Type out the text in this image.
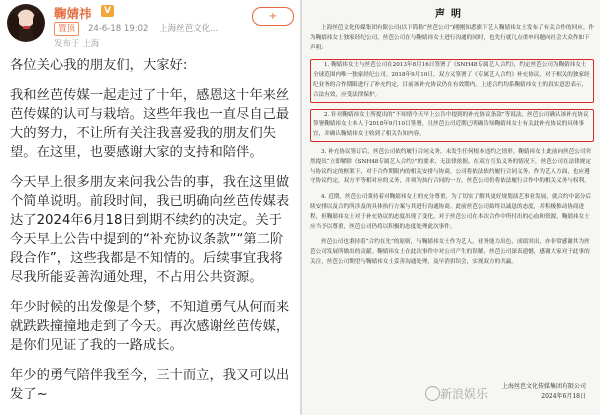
鞠婧祎	V
置顶	24-6-18 19:02 上海丝芭文化...
发布于 上海
+

各位关心我的朋友们，大家好:

我和丝芭传媒一起走过了十年，感恩这十年来丝芭传媒的认可与栽培。这些年我也一直尽自己最大的努力，不让所有关注我喜爱我的朋友们失望。在这里，也要感谢大家的支持和陪伴。

今天早上很多朋友来问我公告的事，我在这里做个简单说明。前段时间，我已明确向丝芭传媒表达了2024年6月18日到期不续约的决定。关于今天早上公告中提到的“补充协议条款”“第二阶段合作”，这些我都是不知情的。后续事宜我将尽我所能妥善沟通处理，不占用公共资源。

年少时候的出发像是个梦，不知道勇气从何而来就跌跌撞撞地走到了今天。再次感谢丝芭传媒，是你们见证了我的一路成长。

年少的勇气陪伴我至今，三十而立，我又可以出发了~

声明

上海丝芭文化传媒集团有限公司(以下简称“丝芭公司”)刚刚知悉旗下艺人鞠婧祎女士发布了有关合作的回应。作为鞠婧祎女士独家经纪公司，丝芭公司在与鞠婧祎女士进行沟通的同时，也先行就几点重申问题向社会大众作如下声明:

1. 鞠婧祎女士与丝芭公司在2013年8月16日签署了《SNH48专属艺人合约》，约定丝芭公司为鞠婧祎女士全球范围内唯一独家经纪公司。2018年9月10日，双方又签署了《专属艺人合约》补充协议，对于相关的独家经纪业务的合作期限进行了补充约定，目前该补充协议仍在有效期内。上述合约均系鞠婧祎女士的真实意思表示，合法有效，应受法律保护。

2. 针对鞠婧祎女士所提出的“不知情今天早上公告中提到的补充协议条款”等说法，丝芭公司确认该补充协议签署鞠婧祎女士本人于2018年9月10日签署，且丝芭公司近期已明确告知鞠婧祎女士有关此补充协议的具体事宜，并确认鞠婧祎女士收到了相关告知内容。

3. 补充协议签订后，丝芭公司依约履行合同义务，未发生任何根本违约之情形。鞠婧祎女士此前向丝芭公司突然提出“立即解除《SNH48专属艺人合约》”的要求，无法律依据。在双方互负义务的情况下，丝芭公司在法律规定与协议约定的框架下，对于合作期限内的相关安排与协商，公司将依法依约履行合同义务。作为艺人方面，也应遵守协议约定，双方平等相对应的义务，并须为执行合同的一方，丝芭公司仍将依法履行合作中的相关义务与权利。

4. 近期，丝芭公司秉持着对鞠婧祎女士的充分尊重，为了切实了解其更好规划演艺事业发展，就合约中部分后续安排以及合约所涉及的具体执行方案与其进行沟通协商。此前丝芭公司始终以诚恳的态度，并积极推动协商进程，但鞠婧祎女士对于补充协议的态度出现了变化。对于丝芭公司在本次合作中所付出的心血和资源，鞠婧祎女士应当予以尊重，丝芭公司仍将以积极的态度处理此次事件。

丝芭公司也秉持着“合约在先”的原则，与鞠婧祎女士作为艺人，业务能力出色，成绩突出，亦非常感谢其为丝芭公司发展所做出的贡献。鞠婧祎女士在此次事件中对公司产生的误解，丝芭公司深表遗憾，感谢大家对于此事的关注，丝芭公司期望与鞠婧祎女士妥善沟通处理，及早消弭误会，实现双方的共赢。

上海丝芭文化传媒集团有限公司
2024年6月18日
新浪娱乐
